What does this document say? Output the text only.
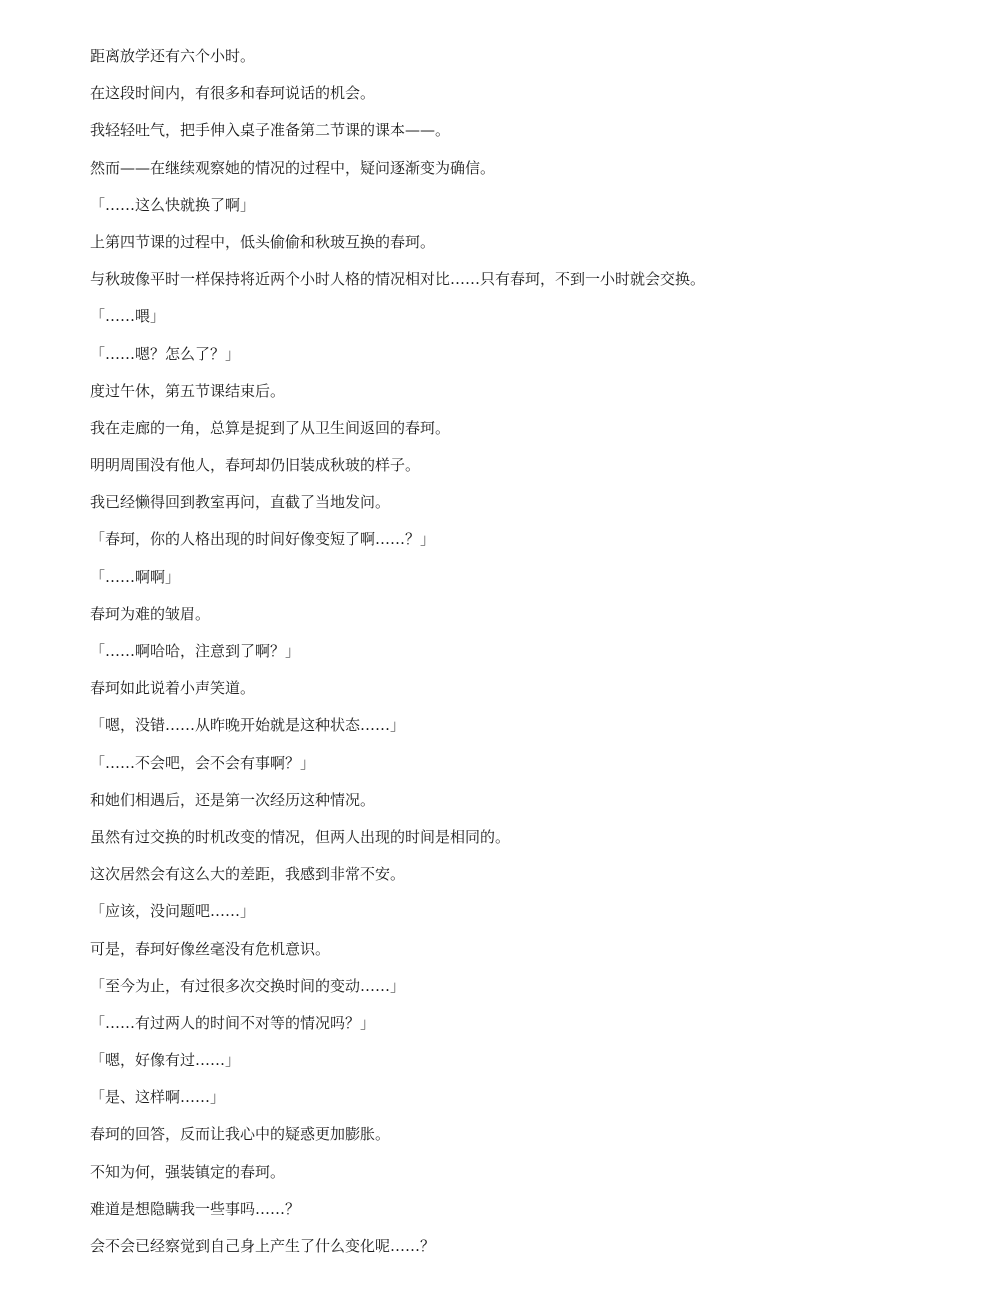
距离放学还有六个小时。

在这段时间内，有很多和春珂说话的机会。

我轻轻吐气，把手伸入桌子准备第二节课的课本——。

然而——在继续观察她的情况的过程中，疑问逐渐变为确信。

「……这么快就换了啊」

上第四节课的过程中，低头偷偷和秋玻互换的春珂。

与秋玻像平时一样保持将近两个小时人格的情况相对比……只有春珂，不到一小时就会交换。

「……喂」

「……嗯？怎么了？」

度过午休，第五节课结束后。

我在走廊的一角，总算是捉到了从卫生间返回的春珂。

明明周围没有他人，春珂却仍旧装成秋玻的样子。

我已经懒得回到教室再问，直截了当地发问。

「春珂，你的人格出现的时间好像变短了啊……？」

「……啊啊」

春珂为难的皱眉。

「……啊哈哈，注意到了啊？」

春珂如此说着小声笑道。

「嗯，没错……从昨晚开始就是这种状态……」

「……不会吧，会不会有事啊？」

和她们相遇后，还是第一次经历这种情况。

虽然有过交换的时机改变的情况，但两人出现的时间是相同的。

这次居然会有这么大的差距，我感到非常不安。

「应该，没问题吧……」

可是，春珂好像丝毫没有危机意识。

「至今为止，有过很多次交换时间的变动……」

「……有过两人的时间不对等的情况吗？」

「嗯，好像有过……」

「是、这样啊……」

春珂的回答，反而让我心中的疑惑更加膨胀。

不知为何，强装镇定的春珂。

难道是想隐瞒我一些事吗……？

会不会已经察觉到自己身上产生了什么变化呢……？
